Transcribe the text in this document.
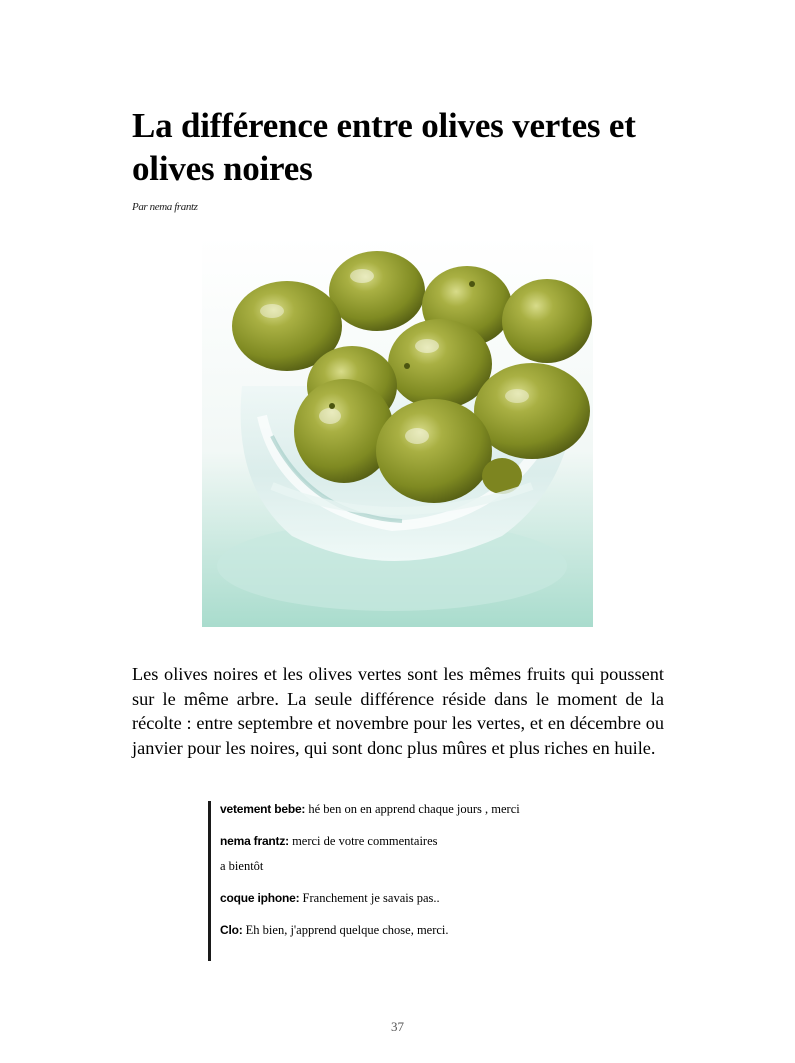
La différence entre olives vertes et olives noires
Par nema frantz

Les olives noires et les olives vertes sont les mêmes fruits qui poussent sur le même arbre. La seule différence réside dans le moment de la récolte : entre septembre et novembre pour les vertes, et en décembre ou janvier pour les noires, qui sont donc plus mûres et plus riches en huile.

vetement bebe: hé ben on en apprend chaque jours , merci
nema frantz: merci de votre commentaires
a bientôt
coque iphone: Franchement je savais pas..
Clo: Eh bien, j'apprend quelque chose, merci.
37
